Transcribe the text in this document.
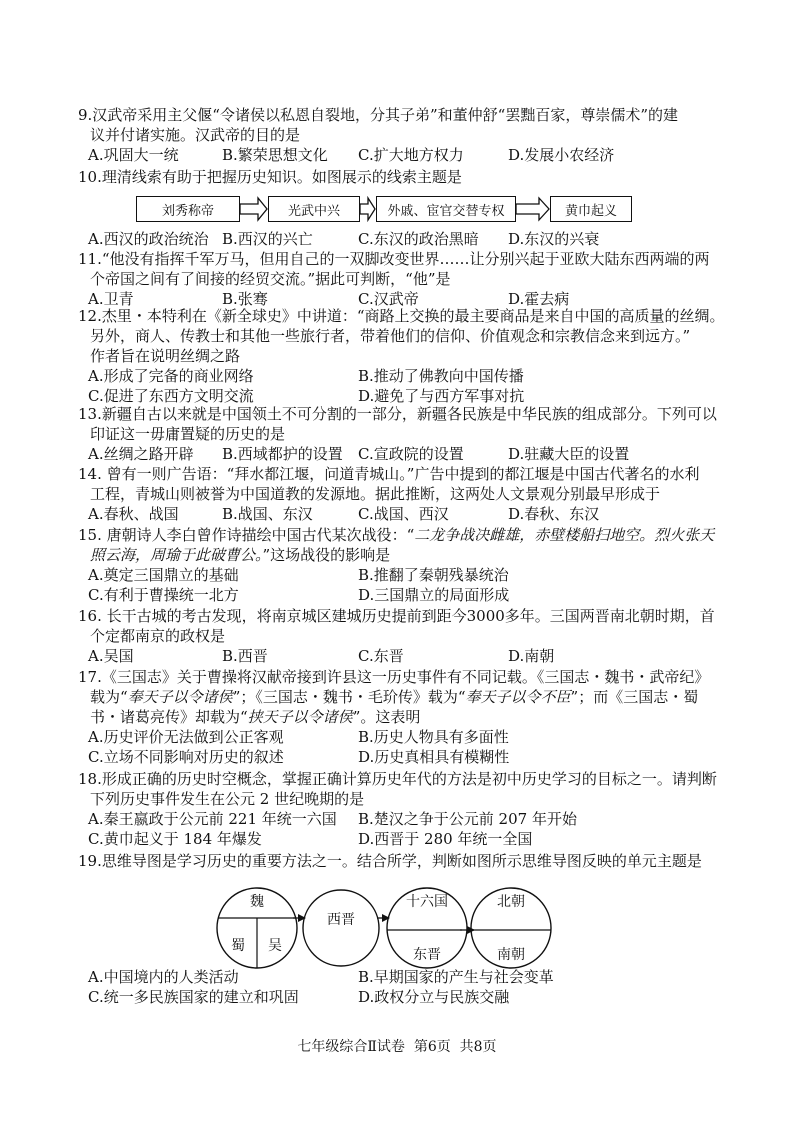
9.汉武帝采用主父偃“令诸侯以私恩自裂地，分其子弟”和董仲舒“罢黜百家，尊崇儒术”的建
议并付诸实施。汉武帝的目的是
A.巩固大一统	B.繁荣思想文化	C.扩大地方权力	D.发展小农经济
10.理清线索有助于把握历史知识。如图展示的线索主题是
A.西汉的政治统治 B.西汉的兴亡	C.东汉的政治黑暗	D.东汉的兴衰
刘秀称帝	光武中兴	外戚、宦官交替专权	黄巾起义
11.“他没有指挥千军万马，但用自己的一双脚改变世界……让分别兴起于亚欧大陆东西两端的两
个帝国之间有了间接的经贸交流。”据此可判断，“他”是
A.卫青	B.张骞	C.汉武帝	D.霍去病
12.杰里・本特利在《新全球史》中讲道：“商路上交换的最主要商品是来自中国的高质量的丝绸。
另外，商人、传教士和其他一些旅行者，带着他们的信仰、价值观念和宗教信念来到远方。”
作者旨在说明丝绸之路
A.形成了完备的商业网络	B.推动了佛教向中国传播
C.促进了东西方文明交流	D.避免了与西方军事对抗
13.新疆自古以来就是中国领土不可分割的一部分，新疆各民族是中华民族的组成部分。下列可以
印证这一毋庸置疑的历史的是
A.丝绸之路开辟	B.西域都护的设置	C.宣政院的设置	D.驻藏大臣的设置
14. 曾有一则广告语：“拜水都江堰，问道青城山。”广告中提到的都江堰是中国古代著名的水利
工程，青城山则被誉为中国道教的发源地。据此推断，这两处人文景观分别最早形成于
A.春秋、战国	B.战国、东汉	C.战国、西汉	D.春秋、东汉
15. 唐朝诗人李白曾作诗描绘中国古代某次战役：“二龙争战决雌雄，赤壁楼船扫地空。烈火张天
照云海，周瑜于此破曹公。”这场战役的影响是
A.奠定三国鼎立的基础	B.推翻了秦朝残暴统治
C.有利于曹操统一北方	D.三国鼎立的局面形成
16. 长干古城的考古发现，将南京城区建城历史提前到距今3000多年。三国两晋南北朝时期，首
个定都南京的政权是
A.吴国	B.西晋	C.东晋	D.南朝
17.《三国志》关于曹操将汉献帝接到许县这一历史事件有不同记载。《三国志・魏书・武帝纪》
载为“奉天子以令诸侯”；《三国志・魏书・毛玠传》载为“奉天子以令不臣”；而《三国志・蜀
书・诸葛亮传》却载为“挟天子以令诸侯”。这表明
A.历史评价无法做到公正客观	B.历史人物具有多面性
C.立场不同影响对历史的叙述	D.历史真相具有模糊性
18.形成正确的历史时空概念，掌握正确计算历史年代的方法是初中历史学习的目标之一。请判断
下列历史事件发生在公元 2 世纪晚期的是
A.秦王嬴政于公元前 221 年统一六国	B.楚汉之争于公元前 207 年开始
C.黄巾起义于 184 年爆发	D.西晋于 280 年统一全国
19.思维导图是学习历史的重要方法之一。结合所学，判断如图所示思维导图反映的单元主题是
A.中国境内的人类活动	B.早期国家的产生与社会变革
C.统一多民族国家的建立和巩固	D.政权分立与民族交融
魏
蜀 吴
西晋
十六国
东晋
北朝
南朝
七年级综合Ⅱ试卷  第6页  共8页
